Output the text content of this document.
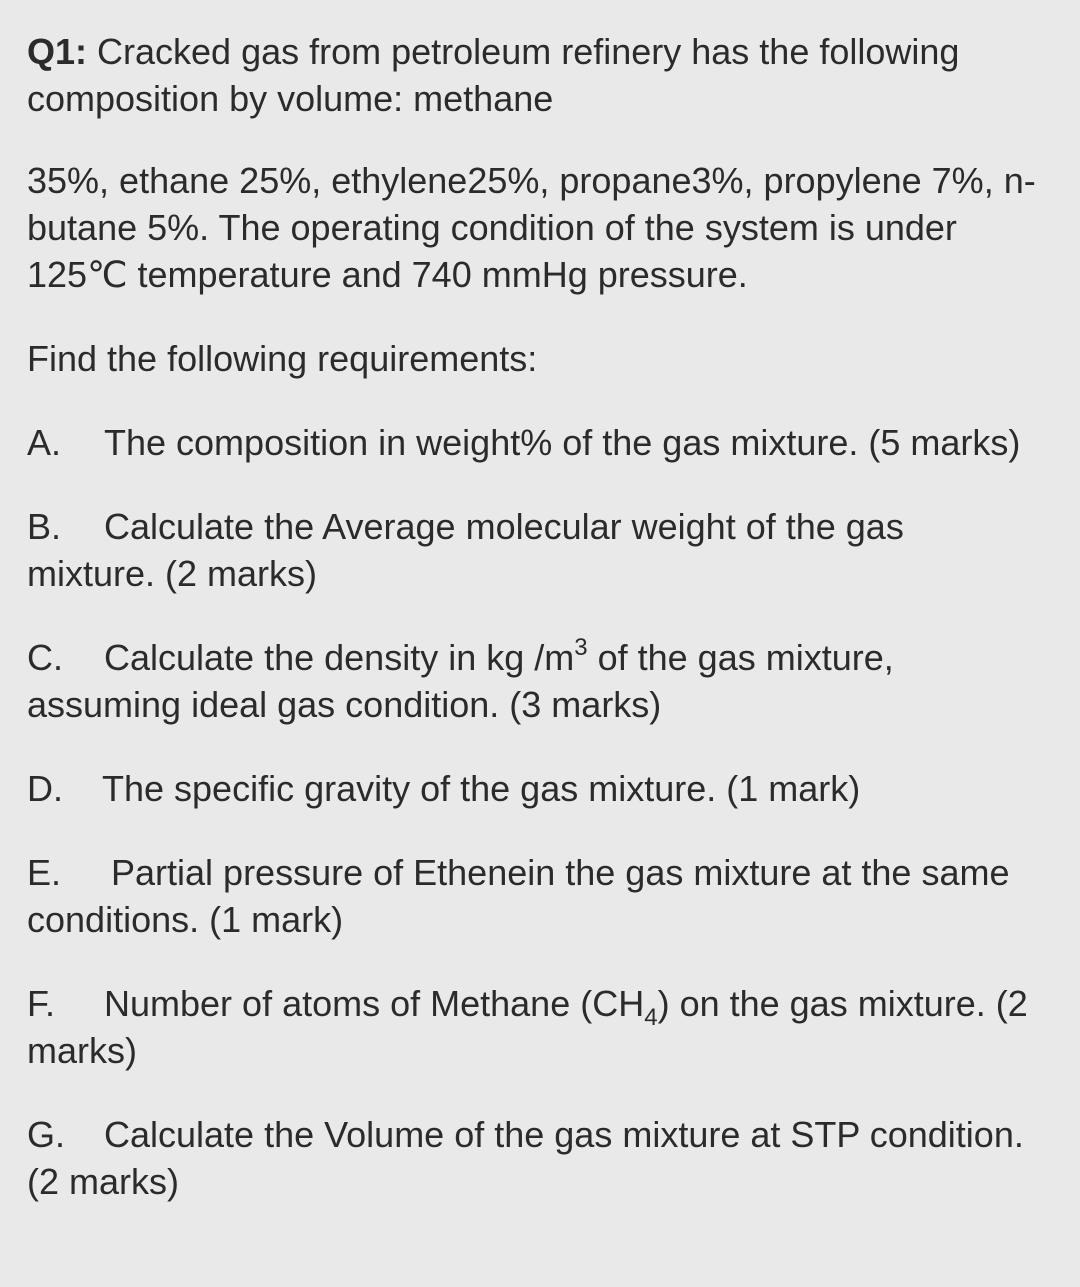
Q1: Cracked gas from petroleum refinery has the following composition by volume: methane

35%, ethane 25%, ethylene25%, propane3%, propylene 7%, n-butane 5%. The operating condition of the system is under 125℃ temperature and 740 mmHg pressure.

Find the following requirements:

A. The composition in weight% of the gas mixture. (5 marks)

B. Calculate the Average molecular weight of the gas mixture. (2 marks)

C. Calculate the density in kg $/m^3$ of the gas mixture, assuming ideal gas condition. (3 marks)

D. The specific gravity of the gas mixture. (1 mark)

E. Partial pressure of Ethenein the gas mixture at the same conditions. (1 mark)

F. Number of atoms of Methane $(CH_4)$ on the gas mixture. (2 marks)

G. Calculate the Volume of the gas mixture at STP condition. (2 marks)
